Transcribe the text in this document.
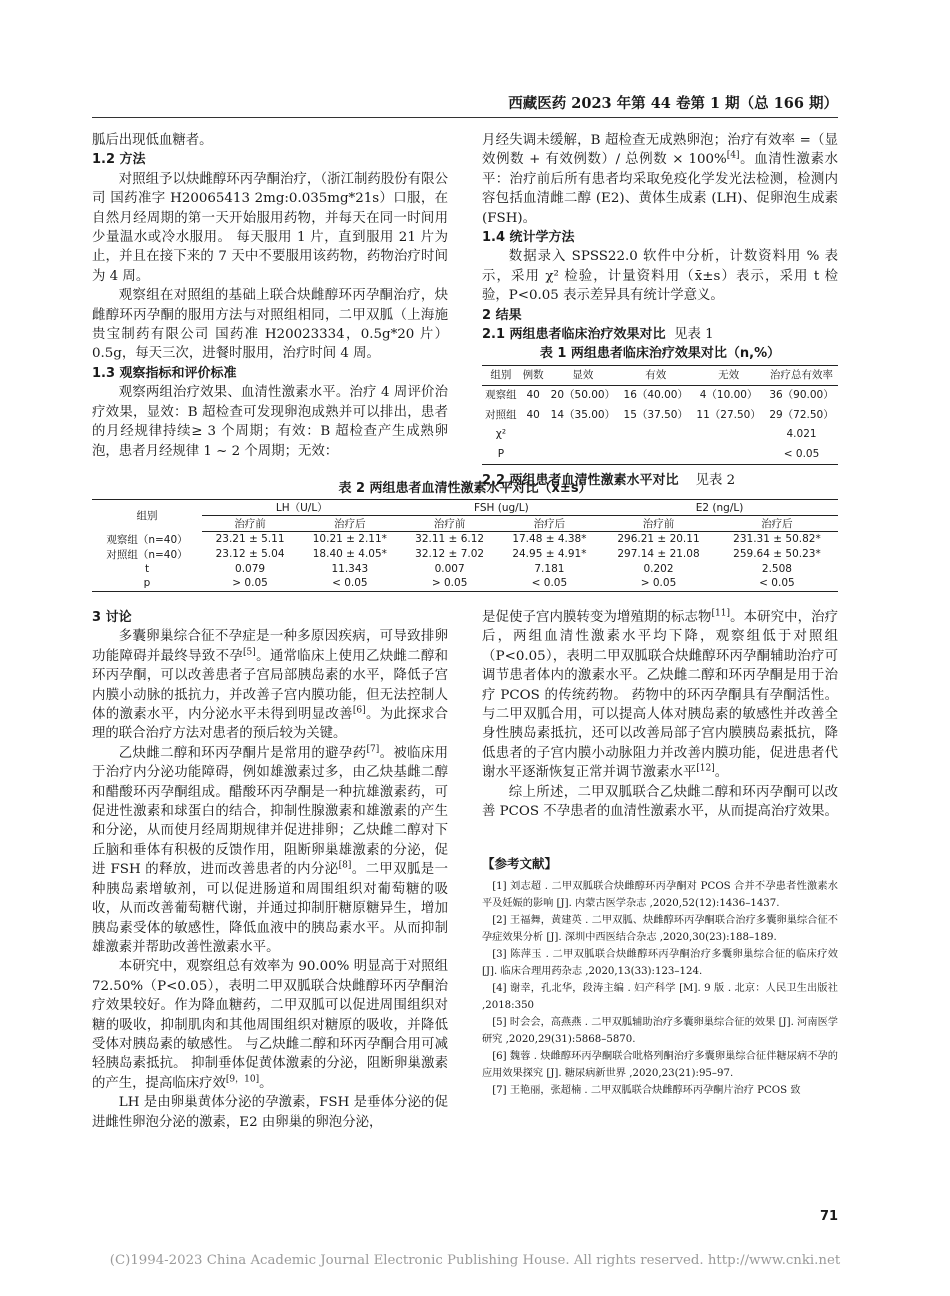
西藏医药 2023 年第 44 卷第 1 期（总 166 期）

胍后出现低血糖者。

1.2 方法

对照组予以炔雌醇环丙孕酮治疗，（浙江制药股份有限公司 国药准字 H20065413 2mg:0.035mg*21s）口服，在自然月经周期的第一天开始服用药物，并每天在同一时间用少量温水或冷水服用。 每天服用 1 片，直到服用 21 片为止，并且在接下来的 7 天中不要服用该药物，药物治疗时间为 4 周。

观察组在对照组的基础上联合炔雌醇环丙孕酮治疗，炔雌醇环丙孕酮的服用方法与对照组相同，二甲双胍（上海施贵宝制药有限公司 国药准 H20023334，0.5g*20 片）0.5g，每天三次，进餐时服用，治疗时间 4 周。

1.3 观察指标和评价标准

观察两组治疗效果、血清性激素水平。治疗 4 周评价治疗效果，显效：B 超检查可发现卵泡成熟并可以排出，患者的月经规律持续≥ 3 个周期；有效：B 超检查产生成熟卵泡，患者月经规律 1 ~ 2 个周期；无效：

月经失调未缓解，B 超检查无成熟卵泡；治疗有效率 =（显效例数 + 有效例数）/ 总例数 × 100%[4]。血清性激素水平：治疗前后所有患者均采取免疫化学发光法检测，检测内容包括血清雌二醇 (E2)、黄体生成素 (LH)、促卵泡生成素 (FSH)。

1.4 统计学方法

数据录入 SPSS22.0 软件中分析，计数资料用 % 表示，采用 χ² 检验，计量资料用（x̄±s）表示，采用 t 检验，P<0.05 表示差异具有统计学意义。

2 结果

2.1 两组患者临床治疗效果对比 见表 1

表 1 两组患者临床治疗效果对比（n,%）

组别	例数	显效	有效	无效	治疗总有效率
观察组	40	20（50.00）	16（40.00）	4（10.00）	36（90.00）
对照组	40	14（35.00）	15（37.50）	11（27.50）	29（72.50）
χ²					4.021
P					< 0.05

2.2 两组患者血清性激素水平对比 见表 2

表 2 两组患者血清性激素水平对比（x̄±s）

组别	LH（U/L）		FSH (ug/L)		E2 (ng/L)	
	治疗前	治疗后	治疗前	治疗后	治疗前	治疗后
观察组（n=40）	23.21 ± 5.11	10.21 ± 2.11*	32.11 ± 6.12	17.48 ± 4.38*	296.21 ± 20.11	231.31 ± 50.82*
对照组（n=40）	23.12 ± 5.04	18.40 ± 4.05*	32.12 ± 7.02	24.95 ± 4.91*	297.14 ± 21.08	259.64 ± 50.23*
t	0.079	11.343	0.007	7.181	0.202	2.508
p	> 0.05	< 0.05	> 0.05	< 0.05	> 0.05	< 0.05

3 讨论

多囊卵巢综合征不孕症是一种多原因疾病，可导致排卵功能障碍并最终导致不孕[5]。通常临床上使用乙炔雌二醇和环丙孕酮，可以改善患者子宫局部胰岛素的水平，降低子宫内膜小动脉的抵抗力，并改善子宫内膜功能，但无法控制人体的激素水平，内分泌水平未得到明显改善[6]。为此探求合理的联合治疗方法对患者的预后较为关键。

乙炔雌二醇和环丙孕酮片是常用的避孕药[7]。被临床用于治疗内分泌功能障碍，例如雄激素过多，由乙炔基雌二醇和醋酸环丙孕酮组成。醋酸环丙孕酮是一种抗雄激素药，可促进性激素和球蛋白的结合，抑制性腺激素和雄激素的产生和分泌，从而使月经周期规律并促进排卵；乙炔雌二醇对下丘脑和垂体有积极的反馈作用，阻断卵巢雄激素的分泌，促进 FSH 的释放，进而改善患者的内分泌[8]。二甲双胍是一种胰岛素增敏剂，可以促进肠道和周围组织对葡萄糖的吸收，从而改善葡萄糖代谢，并通过抑制肝糖原糖异生，增加胰岛素受体的敏感性，降低血液中的胰岛素水平。从而抑制雄激素并帮助改善性激素水平。

本研究中，观察组总有效率为 90.00% 明显高于对照组 72.50%（P<0.05），表明二甲双胍联合炔雌醇环丙孕酮治疗效果较好。作为降血糖药，二甲双胍可以促进周围组织对糖的吸收，抑制肌肉和其他周围组织对糖原的吸收，并降低受体对胰岛素的敏感性。 与乙炔雌二醇和环丙孕酮合用可减轻胰岛素抵抗。 抑制垂体促黄体激素的分泌，阻断卵巢激素的产生，提高临床疗效[9，10]。

LH 是由卵巢黄体分泌的孕激素，FSH 是垂体分泌的促进雌性卵泡分泌的激素，E2 由卵巢的卵泡分泌，

是促使子宫内膜转变为增殖期的标志物[11]。本研究中，治疗后，两组血清性激素水平均下降，观察组低于对照组（P<0.05），表明二甲双胍联合炔雌醇环丙孕酮辅助治疗可调节患者体内的激素水平。乙炔雌二醇和环丙孕酮是用于治疗 PCOS 的传统药物。 药物中的环丙孕酮具有孕酮活性。 与二甲双胍合用，可以提高人体对胰岛素的敏感性并改善全身性胰岛素抵抗，还可以改善局部子宫内膜胰岛素抵抗，降低患者的子宫内膜小动脉阻力并改善内膜功能，促进患者代谢水平逐渐恢复正常并调节激素水平[12]。

综上所述，二甲双胍联合乙炔雌二醇和环丙孕酮可以改善 PCOS 不孕患者的血清性激素水平，从而提高治疗效果。

【参考文献】

[1] 刘志超 . 二甲双胍联合炔雌醇环丙孕酮对 PCOS 合并不孕患者性激素水平及妊娠的影响 [J]. 内蒙古医学杂志 ,2020,52(12):1436–1437.

[2] 王福舞，黄建英 . 二甲双胍、炔雌醇环丙孕酮联合治疗多囊卵巢综合征不孕症效果分析 [J]. 深圳中西医结合杂志 ,2020,30(23):188–189.

[3] 陈萍玉 . 二甲双胍联合炔雌醇环丙孕酮治疗多囊卵巢综合征的临床疗效 [J]. 临床合理用药杂志 ,2020,13(33):123–124.

[4] 谢幸，孔北华，段涛主编 . 妇产科学 [M]. 9 版 . 北京：人民卫生出版社 ,2018:350

[5] 时会会，高燕燕 . 二甲双胍辅助治疗多囊卵巢综合征的效果 [J]. 河南医学研究 ,2020,29(31):5868–5870.

[6] 魏蓉 . 炔雌醇环丙孕酮联合吡格列酮治疗多囊卵巢综合征伴糖尿病不孕的应用效果探究 [J]. 糖尿病新世界 ,2020,23(21):95–97.

[7] 王艳丽，张超楠 . 二甲双胍联合炔雌醇环丙孕酮片治疗 PCOS 致

71
(C)1994-2023 China Academic Journal Electronic Publishing House. All rights reserved. http://www.cnki.net
